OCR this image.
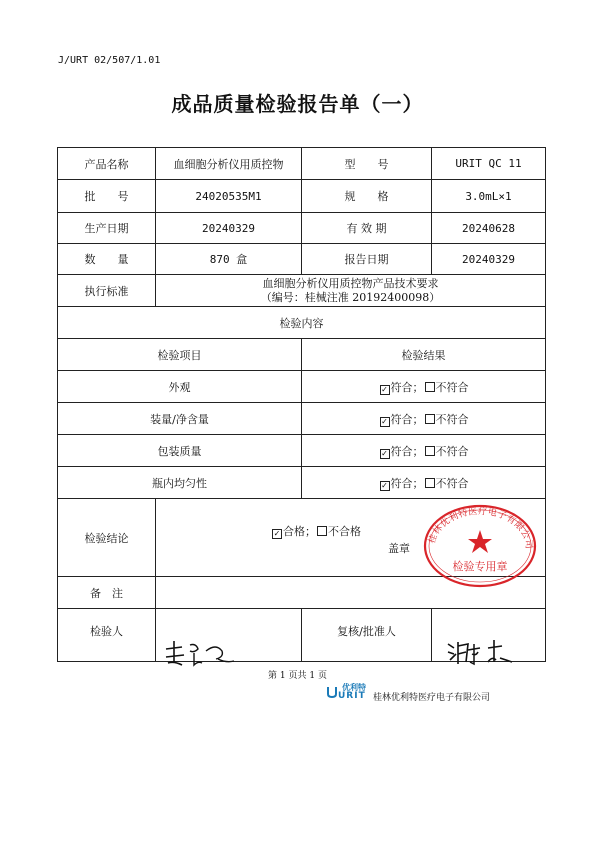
J/URT 02/507/1.01
成品质量检验报告单（一）
产品名称	血细胞分析仪用质控物	型　　号	URIT QC 11
批　　号	24020535M1	规　　格	3.0mL×1
生产日期	20240329	有 效 期	20240628
数　　量	870 盒	报告日期	20240329
执行标准	血细胞分析仪用质控物产品技术要求
（编号：桂械注准 20192400098）		

检验内容			
检验项目		检验结果	
外观		✓ 符合； 不符合	
装量/净含量		✓ 符合； 不符合	
包装质量		✓ 符合； 不符合	
瓶内均匀性		✓ 符合； 不符合	
检验结论	✓ 合格； 不合格
盖章		

备　注			
检验人		复核/批准人	
桂林优利特医疗电子有限公司
检验专用章
第 1 页共 1 页
优利特
URIT 桂林优利特医疗电子有限公司
